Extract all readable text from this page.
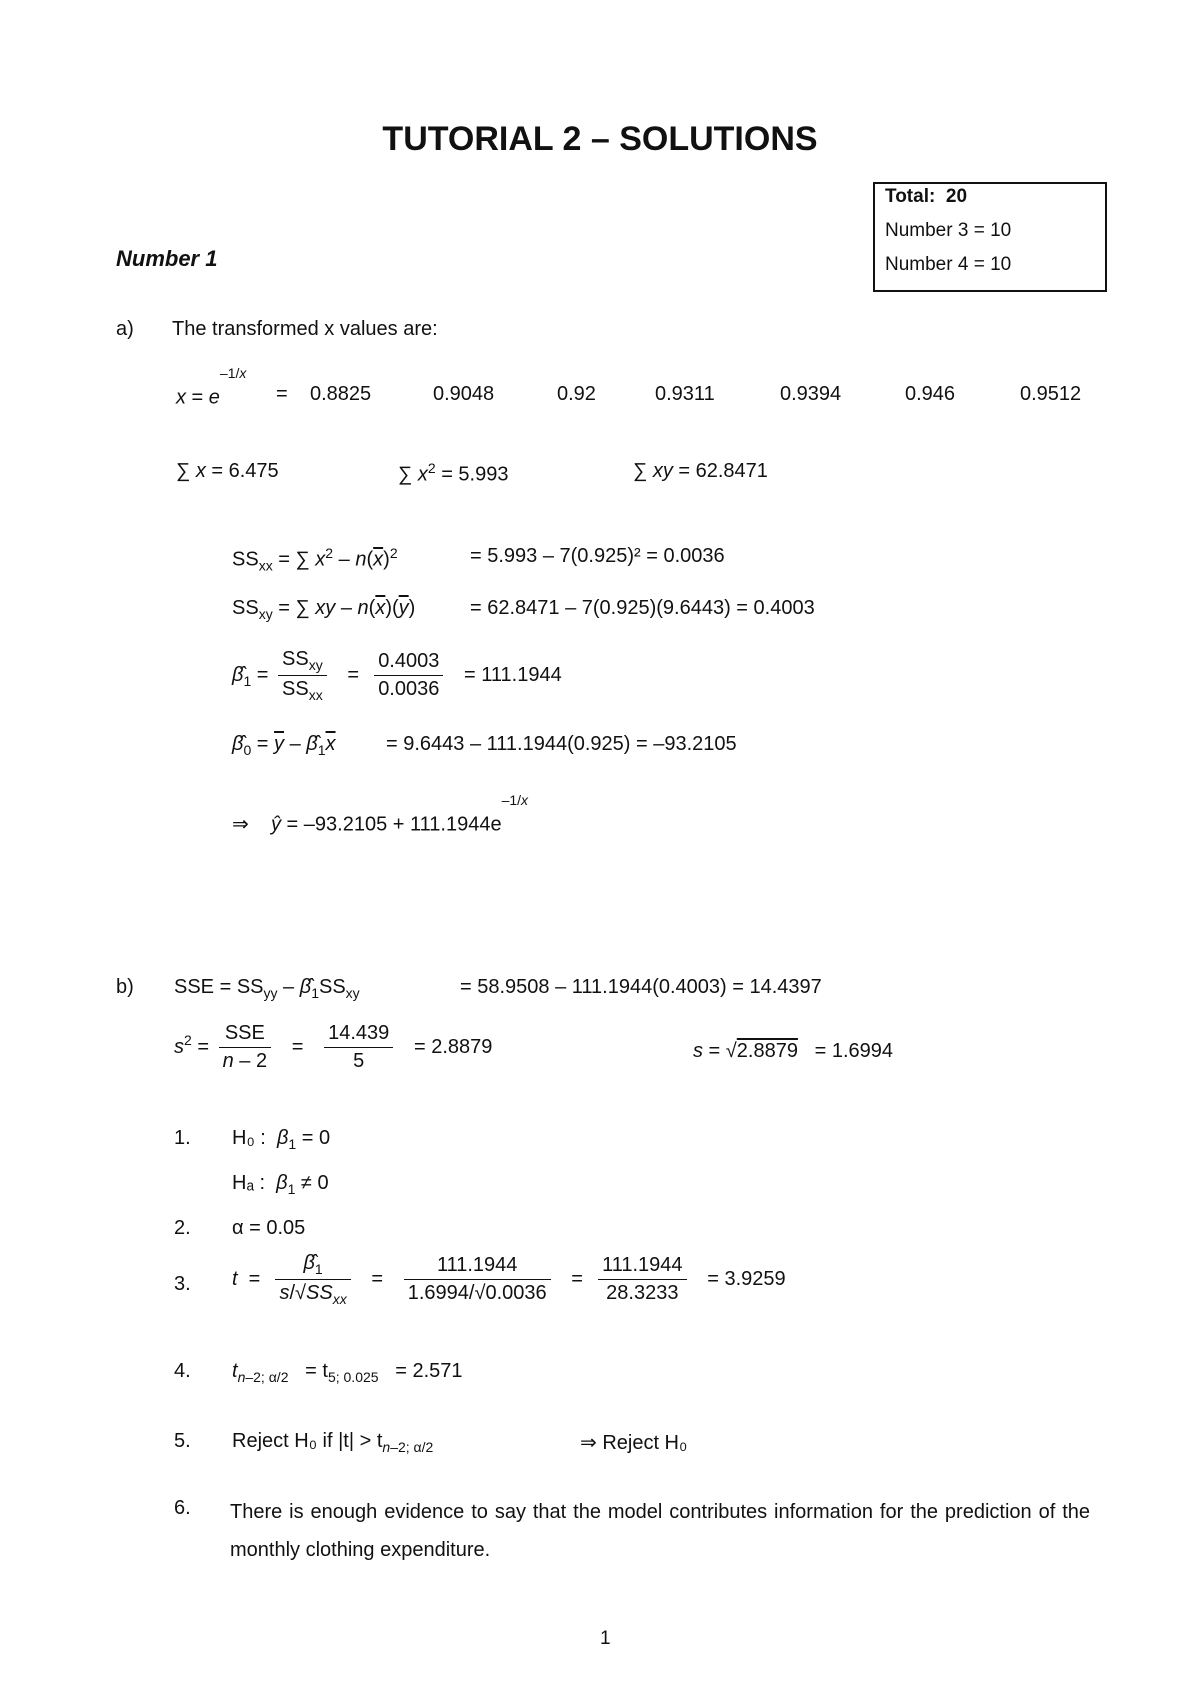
TUTORIAL 2 – SOLUTIONS
Total: 20
Number 3 = 10
Number 4 = 10
Number 1
a) The transformed x values are:
$x = e^{-1/x}$
= 0.8825	0.9048	0.92	0.9311	0.9394	0.946	0.9512
∑ x = 6.475	∑ $x^2 = 5.993$	∑ xy = 62.8471
$SS_{xx}$ = ∑ $x^2 - n(\overline{x})^2$	= 5.993 – 7(0.925)² = 0.0036
$SS_{xy}$ = ∑ xy – $n(\overline{x})(\overline{y})$	= 62.8471 – 7(0.925)(9.6443) = 0.4003
$\betâ_1 = \frac{SS_{xy}}{SS_{xx}} = \frac{0.4003}{0.0036} = 111.1944$
$\betâ_0 = \overline{y}$ – $\betâ_1\overline{x}$	= 9.6443 – 111.1944(0.925) = –93.2105
⇒    ŷ = $-93.2105 + 111.1944e^{-1/x}$
b) SSE = $SS_{yy}$ – $\betâ_1SS_{xy}$	= 58.9508 – 111.1944(0.4003) = 14.4397
$s^2 = \frac{\text{SSE}}{n - 2} = \frac{14.439}{5} = 2.8879$	s = √2.8879 = 1.6994
1. H₀ : $\beta_1 = 0$
Hₐ : $\beta_1 \ne 0$
2. α = 0.05
3. $t = \frac{\betâ_1}{s/√SS_{xx}} = \frac{111.1944}{1.6994/√0.0036} = \frac{111.1944}{28.3233} = 3.9259$
4. $t_{n-2; \alpha/2} = t_{5; 0.025} = 2.571$
5. Reject H₀ if $|t| > t_{n-2; \alpha/2}$	⇒ Reject H₀
6. There is enough evidence to say that the model contributes information for the prediction of the monthly clothing expenditure.
1
